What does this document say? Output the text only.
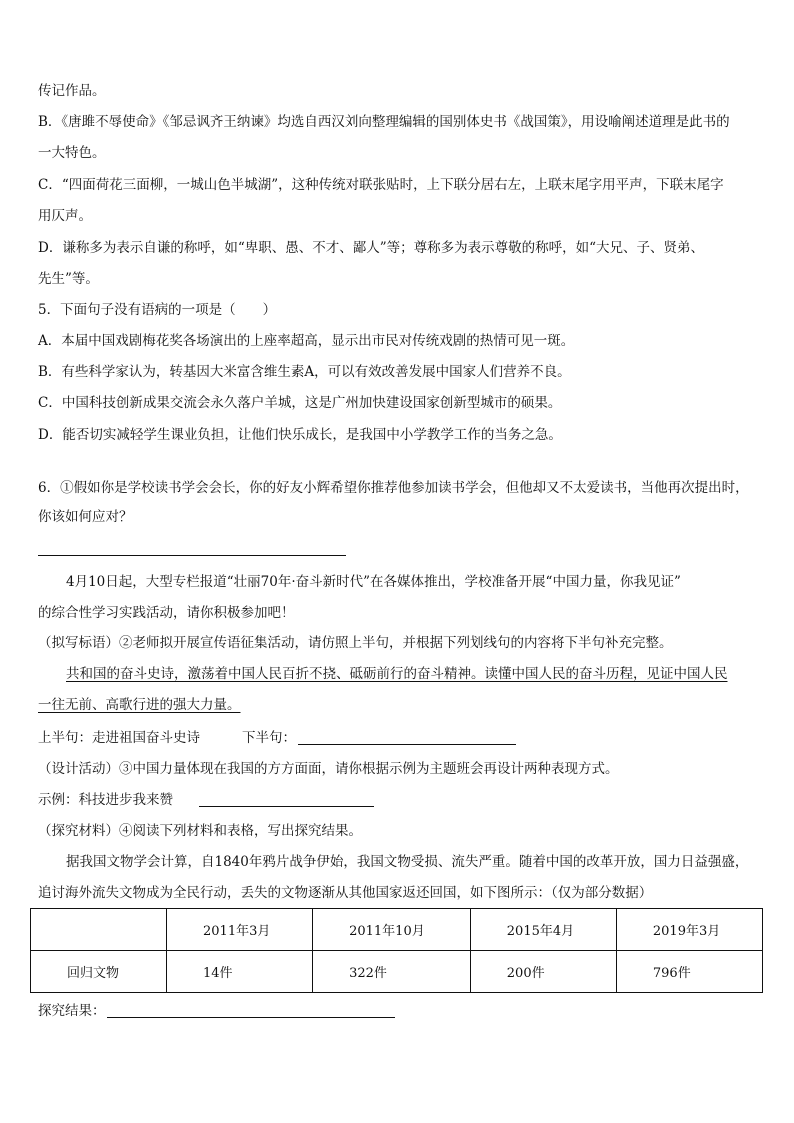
传记作品。
B．《唐雎不辱使命》《邹忌讽齐王纳谏》均选自西汉刘向整理编辑的国别体史书《战国策》，用设喻阐述道理是此书的
一大特色。
C．“四面荷花三面柳，一城山色半城湖”，这种传统对联张贴时，上下联分居右左，上联末尾字用平声，下联末尾字
用仄声。
D．谦称多为表示自谦的称呼，如“卑职、愚、不才、鄙人”等；尊称多为表示尊敬的称呼，如“大兄、子、贤弟、
先生”等。
5．下面句子没有语病的一项是（　　）
A．本届中国戏剧梅花奖各场演出的上座率超高，显示出市民对传统戏剧的热情可见一斑。
B．有些科学家认为，转基因大米富含维生素A，可以有效改善发展中国家人们营养不良。
C．中国科技创新成果交流会永久落户羊城，这是广州加快建设国家创新型城市的硕果。
D．能否切实减轻学生课业负担，让他们快乐成长，是我国中小学教学工作的当务之急。
6．①假如你是学校读书学会会长，你的好友小辉希望你推荐他参加读书学会，但他却又不太爱读书，当他再次提出时，
你该如何应对？
4月10日起，大型专栏报道“壮丽70年·奋斗新时代”在各媒体推出，学校准备开展“中国力量，你我见证”
的综合性学习实践活动，请你积极参加吧！
（拟写标语）②老师拟开展宣传语征集活动，请仿照上半句，并根据下列划线句的内容将下半句补充完整。
共和国的奋斗史诗，激荡着中国人民百折不挠、砥砺前行的奋斗精神。读懂中国人民的奋斗历程，见证中国人民
一往无前、高歌行进的强大力量。
上半句：走进祖国奋斗史诗	下半句：
（设计活动）③中国力量体现在我国的方方面面，请你根据示例为主题班会再设计两种表现方式。
示例：科技进步我来赞
（探究材料）④阅读下列材料和表格，写出探究结果。
据我国文物学会计算，自1840年鸦片战争伊始，我国文物受损、流失严重。随着中国的改革开放，国力日益强盛，
追讨海外流失文物成为全民行动，丢失的文物逐渐从其他国家返还回国，如下图所示：（仅为部分数据）
	2011年3月	2011年10月	2015年4月	2019年3月
回归文物	14件	322件	200件	796件
探究结果：
